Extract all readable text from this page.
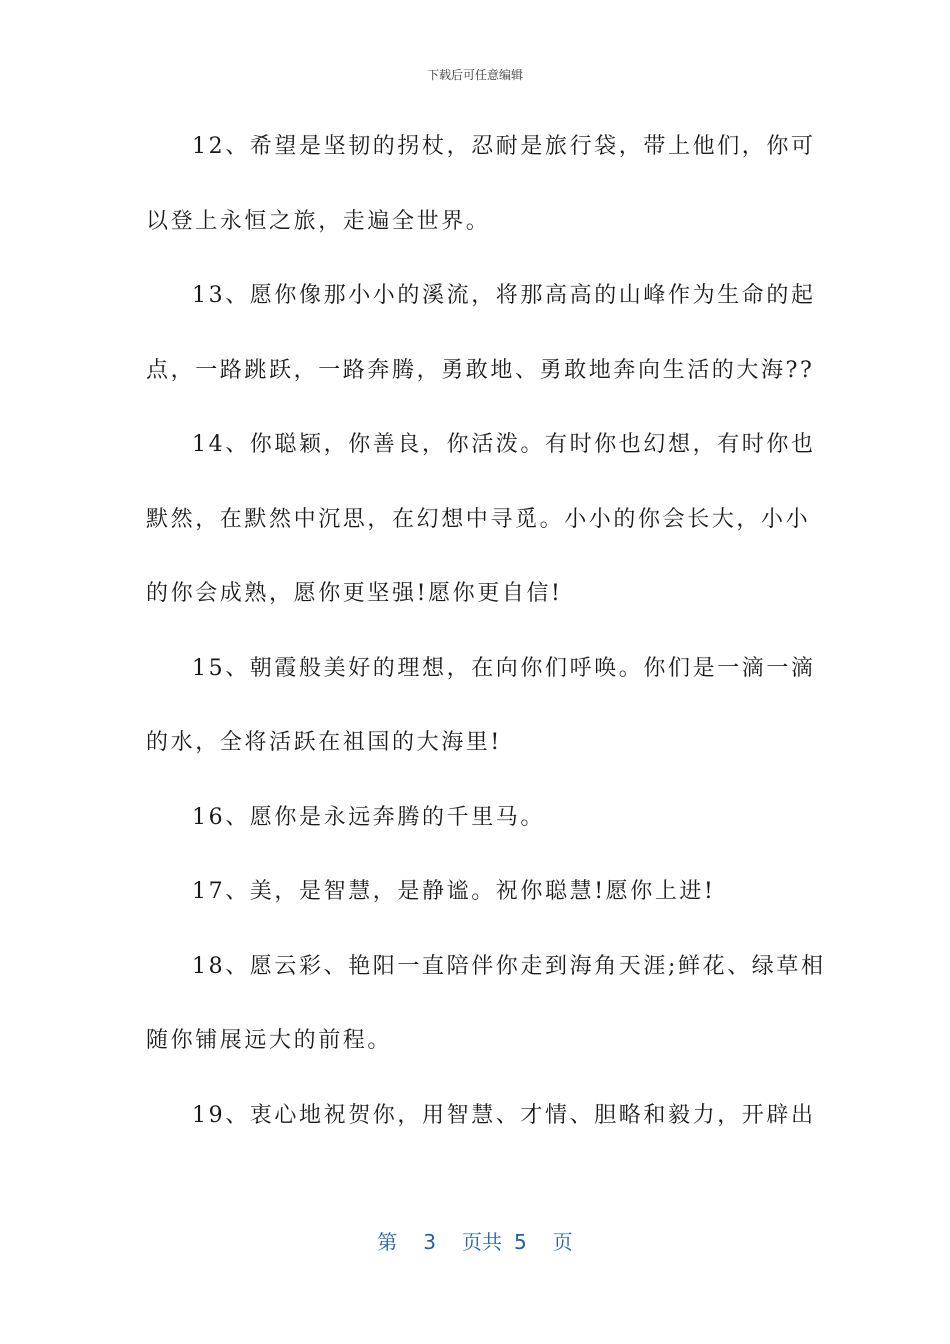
下载后可任意编辑
12、希望是坚韧的拐杖，忍耐是旅行袋，带上他们，你可
以登上永恒之旅，走遍全世界。
13、愿你像那小小的溪流，将那高高的山峰作为生命的起
点，一路跳跃，一路奔腾，勇敢地、勇敢地奔向生活的大海??
14、你聪颖，你善良，你活泼。有时你也幻想，有时你也
默然，在默然中沉思，在幻想中寻觅。小小的你会长大，小小
的你会成熟，愿你更坚强!愿你更自信!
15、朝霞般美好的理想，在向你们呼唤。你们是一滴一滴
的水，全将活跃在祖国的大海里!
16、愿你是永远奔腾的千里马。
17、美，是智慧，是静谧。祝你聪慧!愿你上进!
18、愿云彩、艳阳一直陪伴你走到海角天涯;鲜花、绿草相
随你铺展远大的前程。
19、衷心地祝贺你，用智慧、才情、胆略和毅力，开辟出
第 3 页共 5 页
